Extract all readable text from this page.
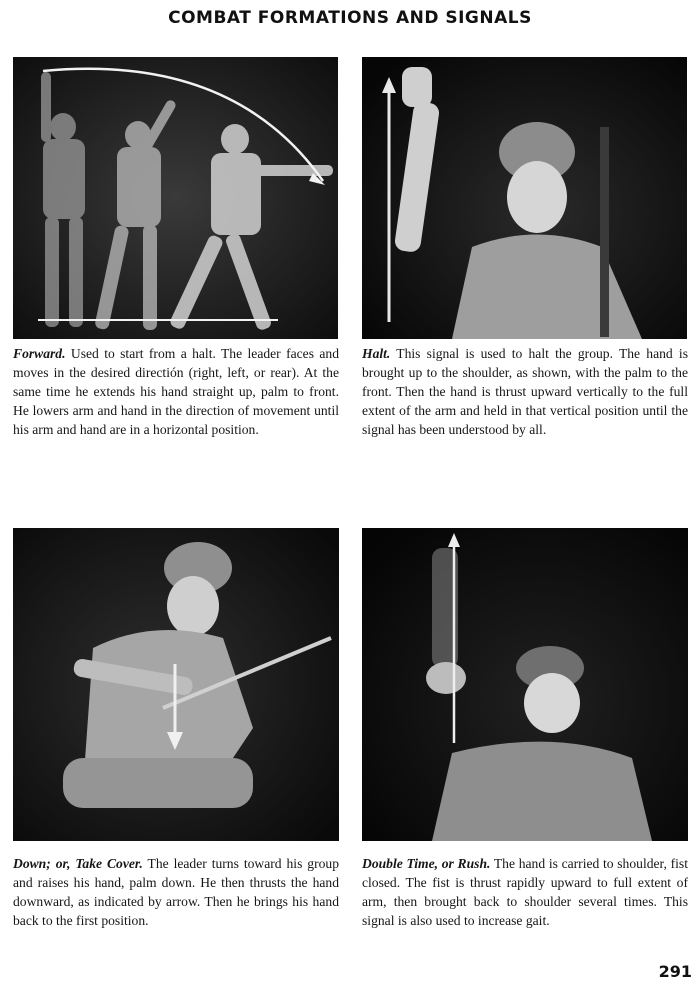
COMBAT FORMATIONS AND SIGNALS

Forward. Used to start from a halt. The leader faces and moves in the desired directión (right, left, or rear). At the same time he extends his hand straight up, palm to front. He lowers arm and hand in the direction of movement until his arm and hand are in a horizontal position.

Halt. This signal is used to halt the group. The hand is brought up to the shoulder, as shown, with the palm to the front. Then the hand is thrust upward vertically to the full extent of the arm and held in that vertical position until the signal has been understood by all.

Down; or, Take Cover. The leader turns toward his group and raises his hand, palm down. He then thrusts the hand downward, as indicated by arrow. Then he brings his hand back to the first position.

Double Time, or Rush. The hand is carried to shoulder, fist closed. The fist is thrust rapidly upward to full extent of arm, then brought back to shoulder several times. This signal is also used to increase gait.

291
